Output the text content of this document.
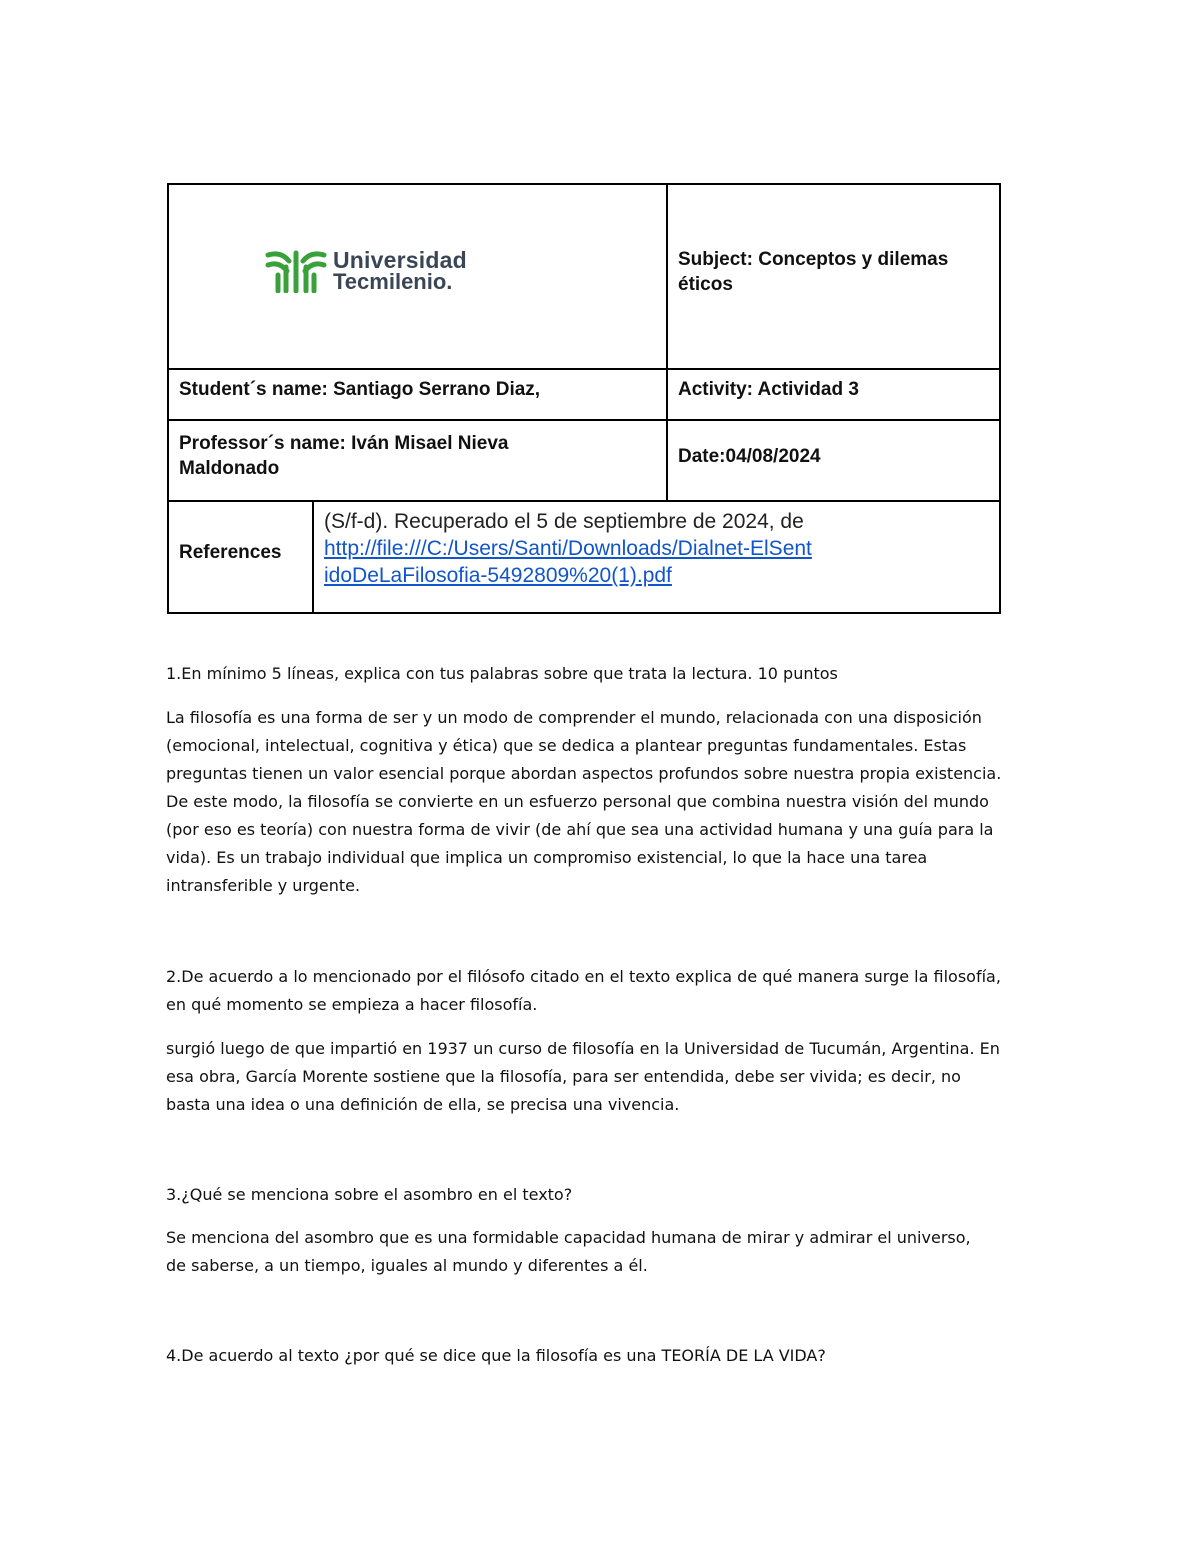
Universidad
Tecmilenio.
Subject: Conceptos y dilemas éticos
Student´s name: Santiago Serrano Diaz,	Activity: Actividad 3
Professor´s name: Iván Misael Nieva Maldonado
Date:04/08/2024
References
(S/f-d). Recuperado el 5 de septiembre de 2024, de
http://file:///C:/Users/Santi/Downloads/Dialnet-ElSentidoDeLaFilosofia-5492809%20(1).pdf

1.En mínimo 5 líneas, explica con tus palabras sobre que trata la lectura. 10 puntos

La filosofía es una forma de ser y un modo de comprender el mundo, relacionada con una disposición (emocional, intelectual, cognitiva y ética) que se dedica a plantear preguntas fundamentales. Estas preguntas tienen un valor esencial porque abordan aspectos profundos sobre nuestra propia existencia. De este modo, la filosofía se convierte en un esfuerzo personal que combina nuestra visión del mundo (por eso es teoría) con nuestra forma de vivir (de ahí que sea una actividad humana y una guía para la vida). Es un trabajo individual que implica un compromiso existencial, lo que la hace una tarea intransferible y urgente.

2.De acuerdo a lo mencionado por el filósofo citado en el texto explica de qué manera surge la filosofía, en qué momento se empieza a hacer filosofía.

surgió luego de que impartió en 1937 un curso de filosofía en la Universidad de Tucumán, Argentina. En esa obra, García Morente sostiene que la filosofía, para ser entendida, debe ser vivida; es decir, no basta una idea o una definición de ella, se precisa una vivencia.

3.¿Qué se menciona sobre el asombro en el texto?

Se menciona del asombro que es una formidable capacidad humana de mirar y admirar el universo, de saberse, a un tiempo, iguales al mundo y diferentes a él.

4.De acuerdo al texto ¿por qué se dice que la filosofía es una TEORÍA DE LA VIDA?
